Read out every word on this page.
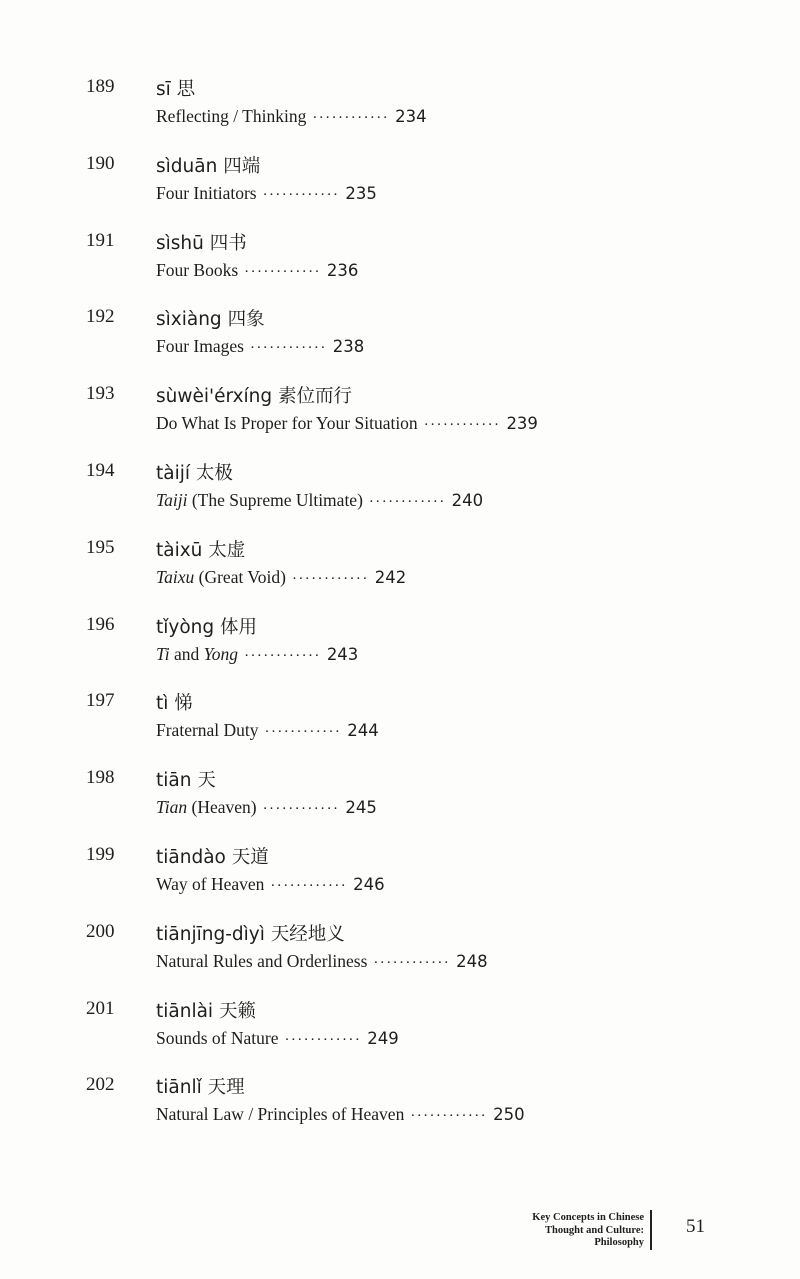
189	sī 思
Reflecting / Thinking ············ 234
190	sìduān 四端
Four Initiators ············ 235
191	sìshū 四书
Four Books ············ 236
192	sìxiàng 四象
Four Images ············ 238
193	sùwèi'érxíng 素位而行
Do What Is Proper for Your Situation ············ 239
194	tàijí 太极
Taiji (The Supreme Ultimate) ············ 240
195	tàixū 太虚
Taixu (Great Void) ············ 242
196	tǐyòng 体用
Ti and Yong ············ 243
197	tì 悌
Fraternal Duty ············ 244
198	tiān 天
Tian (Heaven) ············ 245
199	tiāndào 天道
Way of Heaven ············ 246
200	tiānjīng-dìyì 天经地义
Natural Rules and Orderliness ············ 248
201	tiānlài 天籁
Sounds of Nature ············ 249
202	tiānlǐ 天理
Natural Law / Principles of Heaven ············ 250
Key Concepts in Chinese
Thought and Culture:
Philosophy
51
